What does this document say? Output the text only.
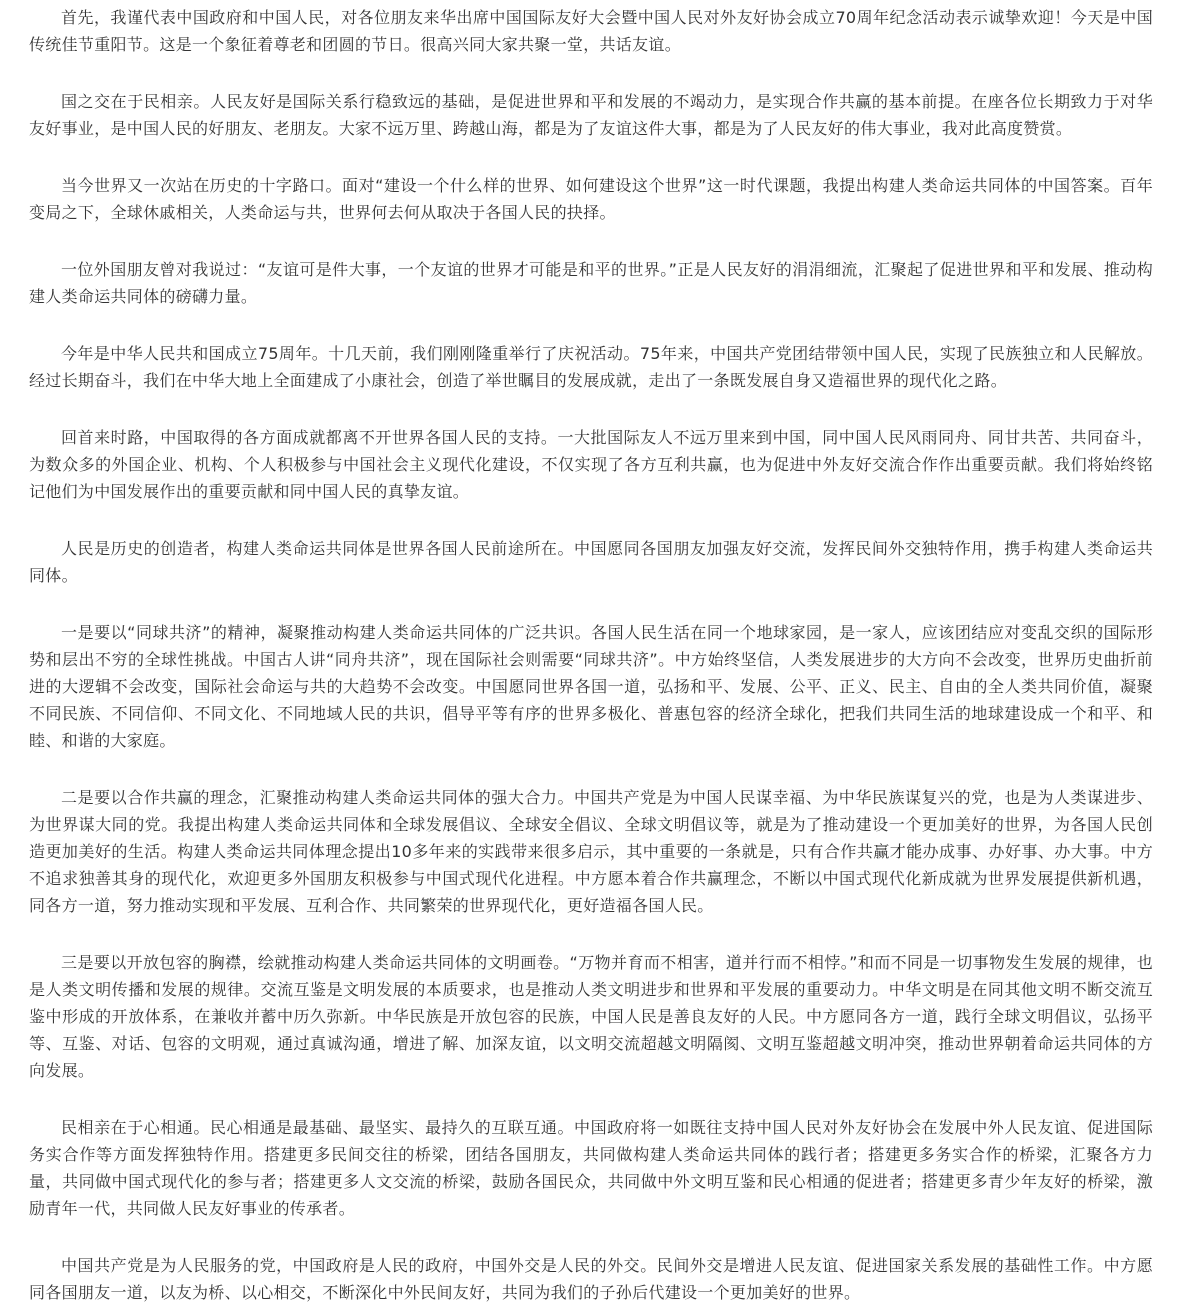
首先，我谨代表中国政府和中国人民，对各位朋友来华出席中国国际友好大会暨中国人民对外友好协会成立70周年纪念活动表示诚挚欢迎！今天是中国传统佳节重阳节。这是一个象征着尊老和团圆的节日。很高兴同大家共聚一堂，共话友谊。

国之交在于民相亲。人民友好是国际关系行稳致远的基础，是促进世界和平和发展的不竭动力，是实现合作共赢的基本前提。在座各位长期致力于对华友好事业，是中国人民的好朋友、老朋友。大家不远万里、跨越山海，都是为了友谊这件大事，都是为了人民友好的伟大事业，我对此高度赞赏。

当今世界又一次站在历史的十字路口。面对“建设一个什么样的世界、如何建设这个世界”这一时代课题，我提出构建人类命运共同体的中国答案。百年变局之下，全球休戚相关，人类命运与共，世界何去何从取决于各国人民的抉择。

一位外国朋友曾对我说过：“友谊可是件大事，一个友谊的世界才可能是和平的世界。”正是人民友好的涓涓细流，汇聚起了促进世界和平和发展、推动构建人类命运共同体的磅礴力量。

今年是中华人民共和国成立75周年。十几天前，我们刚刚隆重举行了庆祝活动。75年来，中国共产党团结带领中国人民，实现了民族独立和人民解放。经过长期奋斗，我们在中华大地上全面建成了小康社会，创造了举世瞩目的发展成就，走出了一条既发展自身又造福世界的现代化之路。

回首来时路，中国取得的各方面成就都离不开世界各国人民的支持。一大批国际友人不远万里来到中国，同中国人民风雨同舟、同甘共苦、共同奋斗，为数众多的外国企业、机构、个人积极参与中国社会主义现代化建设，不仅实现了各方互利共赢，也为促进中外友好交流合作作出重要贡献。我们将始终铭记他们为中国发展作出的重要贡献和同中国人民的真挚友谊。

人民是历史的创造者，构建人类命运共同体是世界各国人民前途所在。中国愿同各国朋友加强友好交流，发挥民间外交独特作用，携手构建人类命运共同体。

一是要以“同球共济”的精神，凝聚推动构建人类命运共同体的广泛共识。各国人民生活在同一个地球家园，是一家人，应该团结应对变乱交织的国际形势和层出不穷的全球性挑战。中国古人讲“同舟共济”，现在国际社会则需要“同球共济”。中方始终坚信，人类发展进步的大方向不会改变，世界历史曲折前进的大逻辑不会改变，国际社会命运与共的大趋势不会改变。中国愿同世界各国一道，弘扬和平、发展、公平、正义、民主、自由的全人类共同价值，凝聚不同民族、不同信仰、不同文化、不同地域人民的共识，倡导平等有序的世界多极化、普惠包容的经济全球化，把我们共同生活的地球建设成一个和平、和睦、和谐的大家庭。

二是要以合作共赢的理念，汇聚推动构建人类命运共同体的强大合力。中国共产党是为中国人民谋幸福、为中华民族谋复兴的党，也是为人类谋进步、为世界谋大同的党。我提出构建人类命运共同体和全球发展倡议、全球安全倡议、全球文明倡议等，就是为了推动建设一个更加美好的世界，为各国人民创造更加美好的生活。构建人类命运共同体理念提出10多年来的实践带来很多启示，其中重要的一条就是，只有合作共赢才能办成事、办好事、办大事。中方不追求独善其身的现代化，欢迎更多外国朋友积极参与中国式现代化进程。中方愿本着合作共赢理念，不断以中国式现代化新成就为世界发展提供新机遇，同各方一道，努力推动实现和平发展、互利合作、共同繁荣的世界现代化，更好造福各国人民。

三是要以开放包容的胸襟，绘就推动构建人类命运共同体的文明画卷。“万物并育而不相害，道并行而不相悖。”和而不同是一切事物发生发展的规律，也是人类文明传播和发展的规律。交流互鉴是文明发展的本质要求，也是推动人类文明进步和世界和平发展的重要动力。中华文明是在同其他文明不断交流互鉴中形成的开放体系，在兼收并蓄中历久弥新。中华民族是开放包容的民族，中国人民是善良友好的人民。中方愿同各方一道，践行全球文明倡议，弘扬平等、互鉴、对话、包容的文明观，通过真诚沟通，增进了解、加深友谊，以文明交流超越文明隔阂、文明互鉴超越文明冲突，推动世界朝着命运共同体的方向发展。

民相亲在于心相通。民心相通是最基础、最坚实、最持久的互联互通。中国政府将一如既往支持中国人民对外友好协会在发展中外人民友谊、促进国际务实合作等方面发挥独特作用。搭建更多民间交往的桥梁，团结各国朋友，共同做构建人类命运共同体的践行者；搭建更多务实合作的桥梁，汇聚各方力量，共同做中国式现代化的参与者；搭建更多人文交流的桥梁，鼓励各国民众，共同做中外文明互鉴和民心相通的促进者；搭建更多青少年友好的桥梁，激励青年一代，共同做人民友好事业的传承者。

中国共产党是为人民服务的党，中国政府是人民的政府，中国外交是人民的外交。民间外交是增进人民友谊、促进国家关系发展的基础性工作。中方愿同各国朋友一道，以友为桥、以心相交，不断深化中外民间友好，共同为我们的子孙后代建设一个更加美好的世界。
